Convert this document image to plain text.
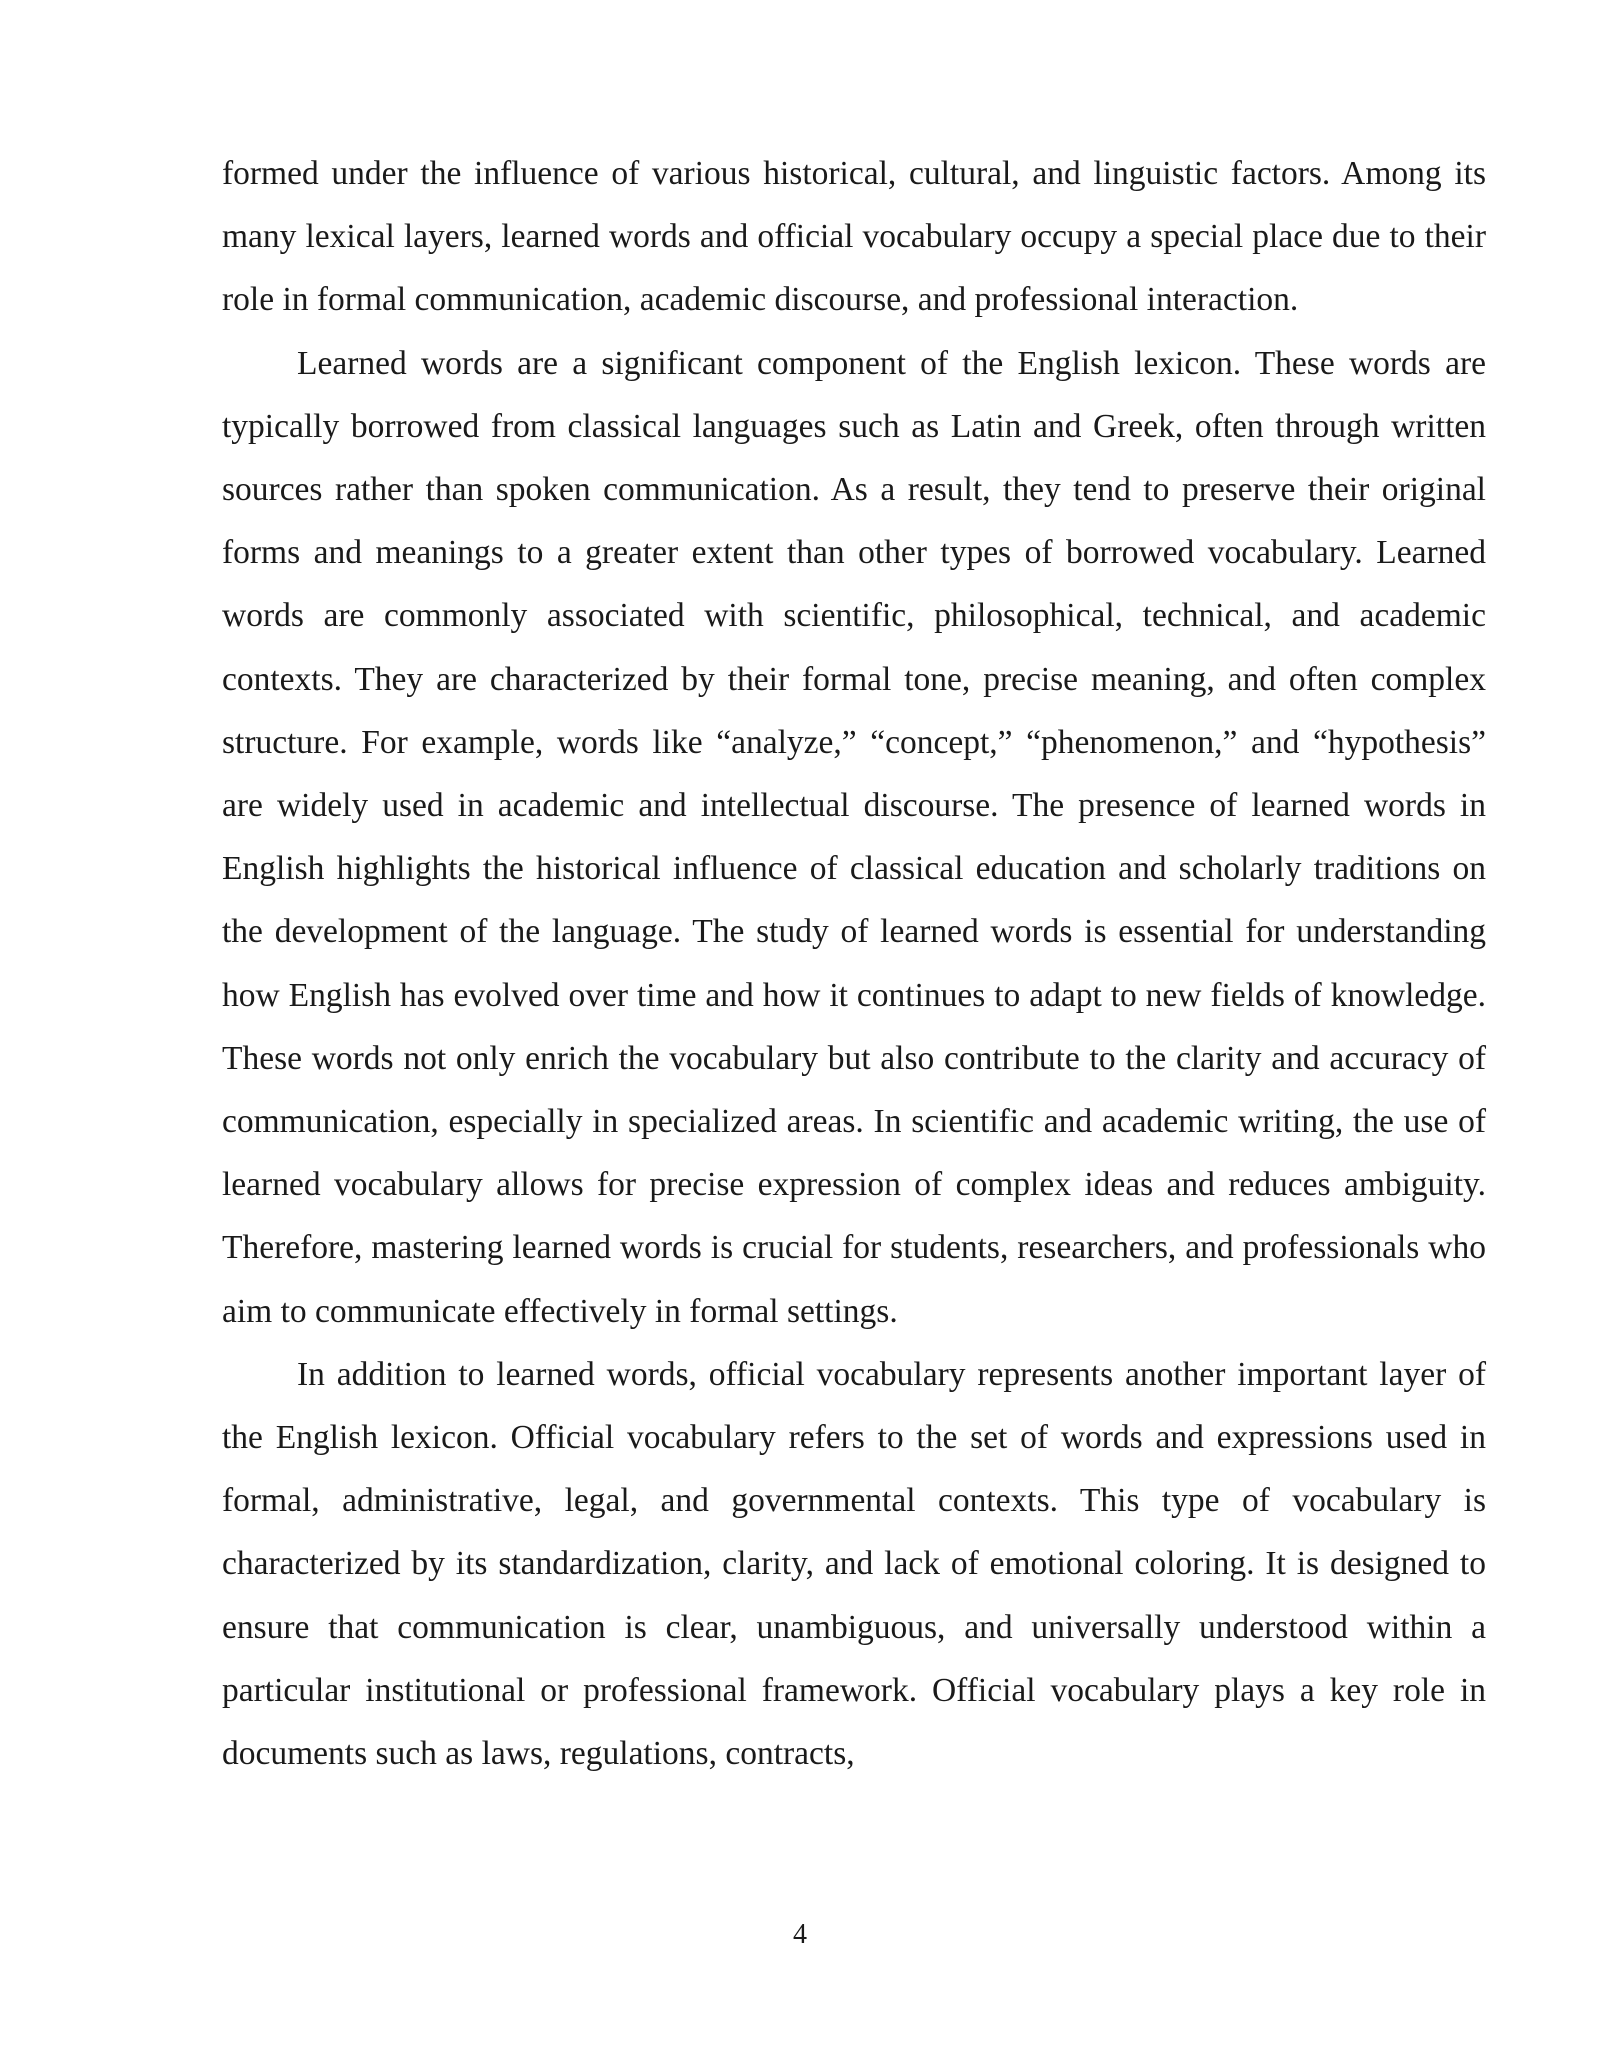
formed under the influence of various historical, cultural, and linguistic factors. Among its many lexical layers, learned words and official vocabulary occupy a special place due to their role in formal communication, academic discourse, and professional interaction.

Learned words are a significant component of the English lexicon. These words are typically borrowed from classical languages such as Latin and Greek, often through written sources rather than spoken communication. As a result, they tend to preserve their original forms and meanings to a greater extent than other types of borrowed vocabulary. Learned words are commonly associated with scientific, philosophical, technical, and academic contexts. They are characterized by their formal tone, precise meaning, and often complex structure. For example, words like “analyze,” “concept,” “phenomenon,” and “hypothesis” are widely used in academic and intellectual discourse. The presence of learned words in English highlights the historical influence of classical education and scholarly traditions on the development of the language. The study of learned words is essential for understanding how English has evolved over time and how it continues to adapt to new fields of knowledge. These words not only enrich the vocabulary but also contribute to the clarity and accuracy of communication, especially in specialized areas. In scientific and academic writing, the use of learned vocabulary allows for precise expression of complex ideas and reduces ambiguity. Therefore, mastering learned words is crucial for students, researchers, and professionals who aim to communicate effectively in formal settings.

In addition to learned words, official vocabulary represents another important layer of the English lexicon. Official vocabulary refers to the set of words and expressions used in formal, administrative, legal, and governmental contexts. This type of vocabulary is characterized by its standardization, clarity, and lack of emotional coloring. It is designed to ensure that communication is clear, unambiguous, and universally understood within a particular institutional or professional framework. Official vocabulary plays a key role in documents such as laws, regulations, contracts,

4
